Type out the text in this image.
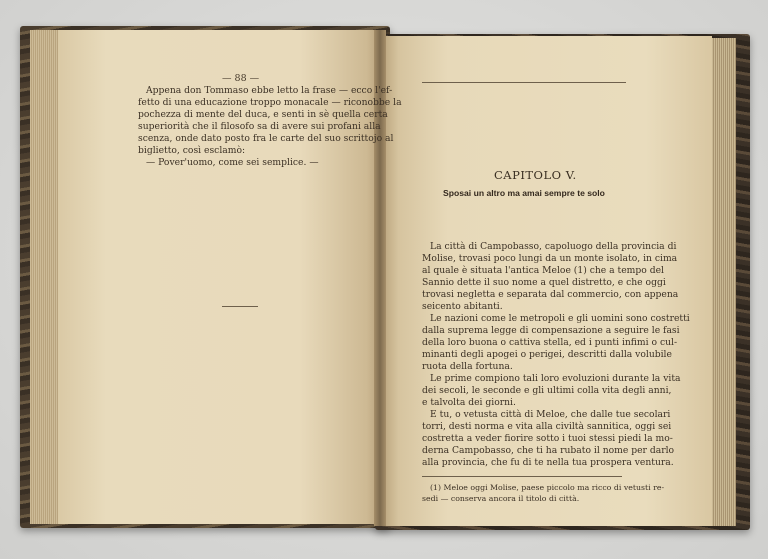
— 88 —
Appena don Tommaso ebbe letto la frase — ecco l'ef-
fetto di una educazione troppo monacale — riconobbe la
pochezza di mente del duca, e senti in sè quella certa
superiorità che il filosofo sa di avere sui profani alla
scenza, onde dato posto fra le carte del suo scrittojo al
biglietto, così esclamò:
— Pover'uomo, come sei semplice. —
CAPITOLO V.
Sposai un altro ma amai sempre te solo
La città di Campobasso, capoluogo della provincia di
Molise, trovasi poco lungi da un monte isolato, in cima
al quale è situata l'antica Meloe (1) che a tempo del
Sannio dette il suo nome a quel distretto, e che oggi
trovasi negletta e separata dal commercio, con appena
seicento abitanti.
Le nazioni come le metropoli e gli uomini sono costretti
dalla suprema legge di compensazione a seguire le fasi
della loro buona o cattiva stella, ed i punti infimi o cul-
minanti degli apogei o perigei, descritti dalla volubile
ruota della fortuna.
Le prime compiono tali loro evoluzioni durante la vita
dei secoli, le seconde e gli ultimi colla vita degli anni,
e talvolta dei giorni.
E tu, o vetusta città di Meloe, che dalle tue secolari
torri, desti norma e vita alla civiltà sannitica, oggi sei
costretta a veder fiorire sotto i tuoi stessi piedi la mo-
derna Campobasso, che ti ha rubato il nome per darlo
alla provincia, che fu di te nella tua prospera ventura.
(1) Meloe oggi Molise, paese piccolo ma ricco di vetusti re-
sedi — conserva ancora il titolo di città.
